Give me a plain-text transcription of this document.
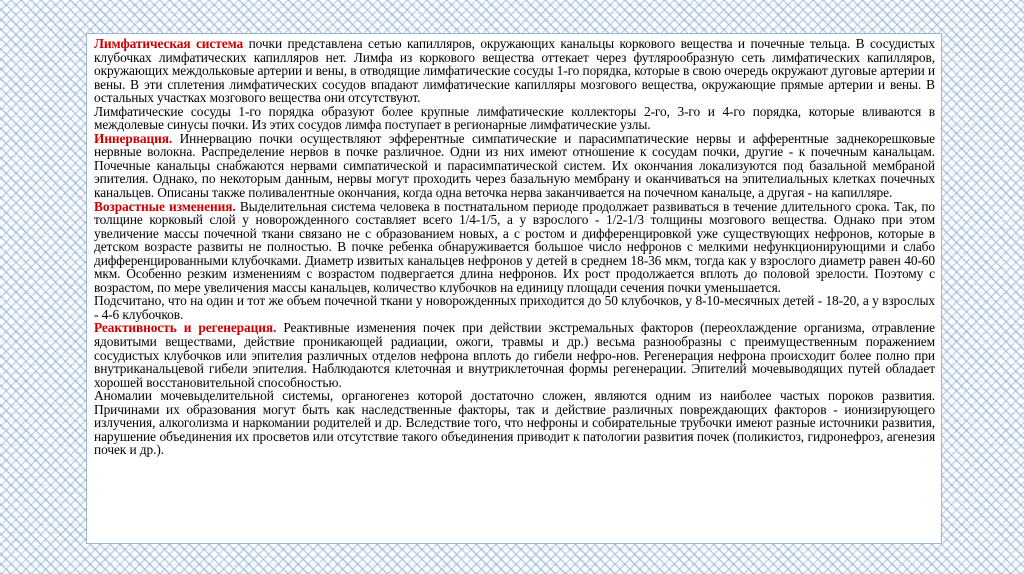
Лимфатическая система почки представлена сетью капилляров, окружающих канальцы коркового вещества и почечные тельца. В сосудистых клубочках лимфатических капилляров нет. Лимфа из коркового вещества оттекает через футлярообразную сеть лимфатических капилляров, окружающих междольковые артерии и вены, в отводящие лимфатические сосуды 1-го порядка, которые в свою очередь окружают дуговые артерии и вены. В эти сплетения лимфатических сосудов впадают лимфатические капилляры мозгового вещества, окружающие прямые артерии и вены. В остальных участках мозгового вещества они отсутствуют.

Лимфатические сосуды 1-го порядка образуют более крупные лимфатические коллекторы 2-го, 3-го и 4-го порядка, которые вливаются в междолевые синусы почки. Из этих сосудов лимфа поступает в регионарные лимфатические узлы.

Иннервация. Иннервацию почки осуществляют эфферентные симпатические и парасимпатические нервы и афферентные заднекорешковые нервные волокна. Распределение нервов в почке различное. Одни из них имеют отношение к сосудам почки, другие - к почечным канальцам. Почечные канальцы снабжаются нервами симпатической и парасимпатической систем. Их окончания локализуются под базальной мембраной эпителия. Однако, по некоторым данным, нервы могут проходить через базальную мембрану и оканчиваться на эпителиальных клетках почечных канальцев. Описаны также поливалентные окончания, когда одна веточка нерва заканчивается на почечном канальце, а другая - на капилляре.

Возрастные изменения. Выделительная система человека в постнатальном периоде продолжает развиваться в течение длительного срока. Так, по толщине корковый слой у новорожденного составляет всего 1/4-1/5, а у взрослого - 1/2-1/3 толщины мозгового вещества. Однако при этом увеличение массы почечной ткани связано не с образованием новых, а с ростом и дифференцировкой уже существующих нефронов, которые в детском возрасте развиты не полностью. В почке ребенка обнаруживается большое число нефронов с мелкими нефункционирующими и слабо дифференцированными клубочками. Диаметр извитых канальцев нефронов у детей в среднем 18-36 мкм, тогда как у взрослого диаметр равен 40-60 мкм. Особенно резким изменениям с возрастом подвергается длина нефронов. Их рост продолжается вплоть до половой зрелости. Поэтому с возрастом, по мере увеличения массы канальцев, количество клубочков на единицу площади сечения почки уменьшается.

Подсчитано, что на один и тот же объем почечной ткани у новорожденных приходится до 50 клубочков, у 8-10-месячных детей - 18-20, а у взрослых - 4-6 клубочков.

Реактивность и регенерация. Реактивные изменения почек при действии экстремальных факторов (переохлаждение организма, отравление ядовитыми веществами, действие проникающей радиации, ожоги, травмы и др.) весьма разнообразны с преимущественным поражением сосудистых клубочков или эпителия различных отделов нефрона вплоть до гибели нефро-нов. Регенерация нефрона происходит более полно при внутриканальцевой гибели эпителия. Наблюдаются клеточная и внутриклеточная формы регенерации. Эпителий мочевыводящих путей обладает хорошей восстановительной способностью.

Аномалии мочевыделительной системы, органогенез которой достаточно сложен, являются одним из наиболее частых пороков развития. Причинами их образования могут быть как наследственные факторы, так и действие различных повреждающих факторов - ионизирующего излучения, алкоголизма и наркомании родителей и др. Вследствие того, что нефроны и собирательные трубочки имеют разные источники развития, нарушение объединения их просветов или отсутствие такого объединения приводит к патологии развития почек (поликистоз, гидронефроз, агенезия почек и др.).
